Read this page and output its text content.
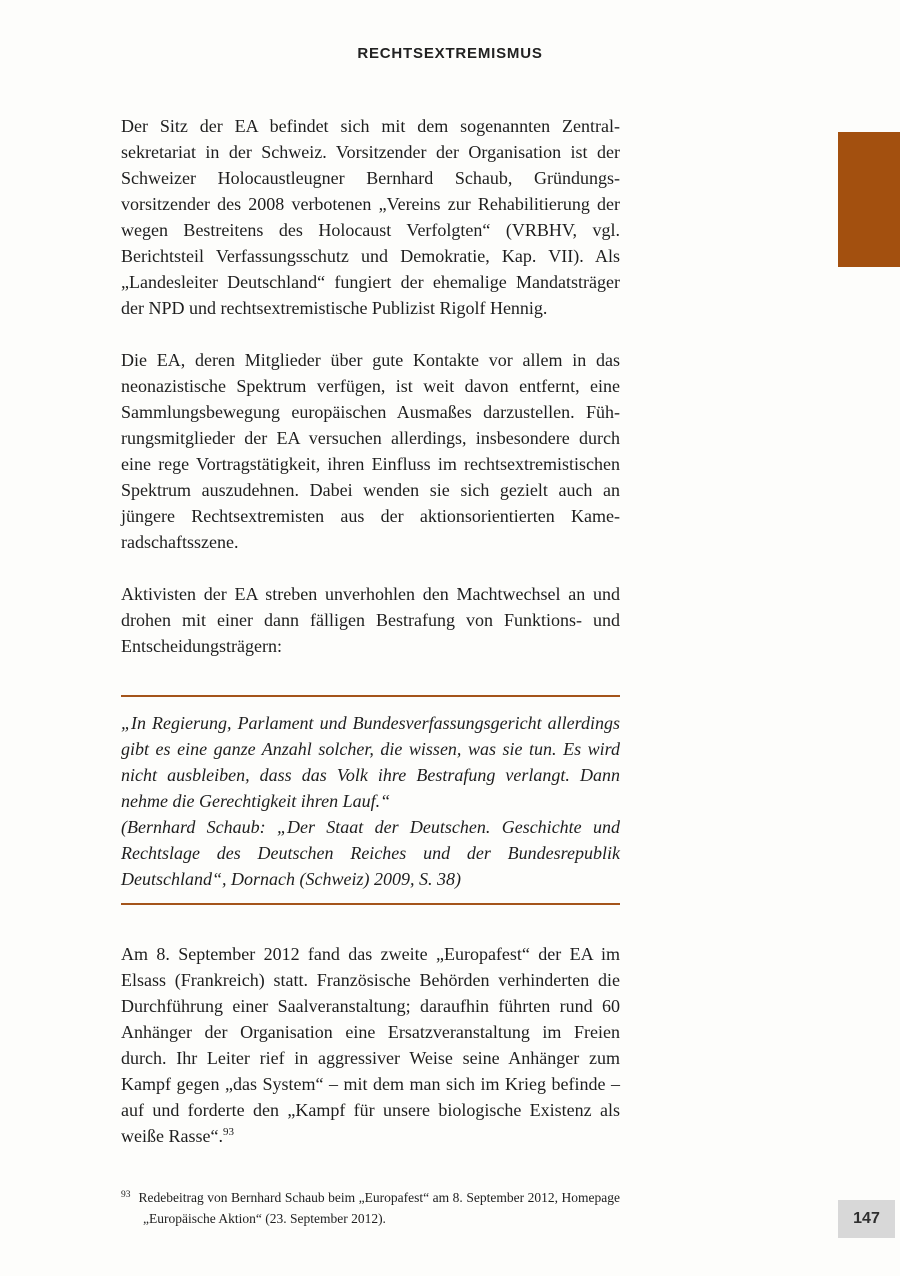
RECHTSEXTREMISMUS

Der Sitz der EA befindet sich mit dem sogenannten Zentralsekretariat in der Schweiz. Vorsitzender der Organisation ist der Schweizer Holocaustleugner Bernhard Schaub, Gründungsvorsitzender des 2008 verbotenen „Vereins zur Rehabilitierung der wegen Bestreitens des Holocaust Verfolgten“ (VRBHV, vgl. Berichtsteil Verfassungsschutz und Demokratie, Kap. VII). Als „Landesleiter Deutschland“ fungiert der ehemalige Mandatsträger der NPD und rechtsextremistische Publizist Rigolf Hennig.

Die EA, deren Mitglieder über gute Kontakte vor allem in das neonazistische Spektrum verfügen, ist weit davon entfernt, eine Sammlungsbewegung europäischen Ausmaßes darzustellen. Führungsmitglieder der EA versuchen allerdings, insbesondere durch eine rege Vortragstätigkeit, ihren Einfluss im rechtsextremistischen Spektrum auszudehnen. Dabei wenden sie sich gezielt auch an jüngere Rechtsextremisten aus der aktionsorientierten Kameradschaftsszene.

Aktivisten der EA streben unverhohlen den Machtwechsel an und drohen mit einer dann fälligen Bestrafung von Funktions- und Entscheidungsträgern:

„In Regierung, Parlament und Bundesverfassungsgericht allerdings gibt es eine ganze Anzahl solcher, die wissen, was sie tun. Es wird nicht ausbleiben, dass das Volk ihre Bestrafung verlangt. Dann nehme die Gerechtigkeit ihren Lauf.“

(Bernhard Schaub: „Der Staat der Deutschen. Geschichte und Rechtslage des Deutschen Reiches und der Bundesrepublik Deutschland“, Dornach (Schweiz) 2009, S. 38)

Am 8. September 2012 fand das zweite „Europafest“ der EA im Elsass (Frankreich) statt. Französische Behörden verhinderten die Durchführung einer Saalveranstaltung; daraufhin führten rund 60 Anhänger der Organisation eine Ersatzveranstaltung im Freien durch. Ihr Leiter rief in aggressiver Weise seine Anhänger zum Kampf gegen „das System“ – mit dem man sich im Krieg befinde – auf und forderte den „Kampf für unsere biologische Existenz als weiße Rasse“.$^{93}$

$^{93}$ Redebeitrag von Bernhard Schaub beim „Europafest“ am 8. September 2012, Homepage „Europäische Aktion“ (23. September 2012).	147
